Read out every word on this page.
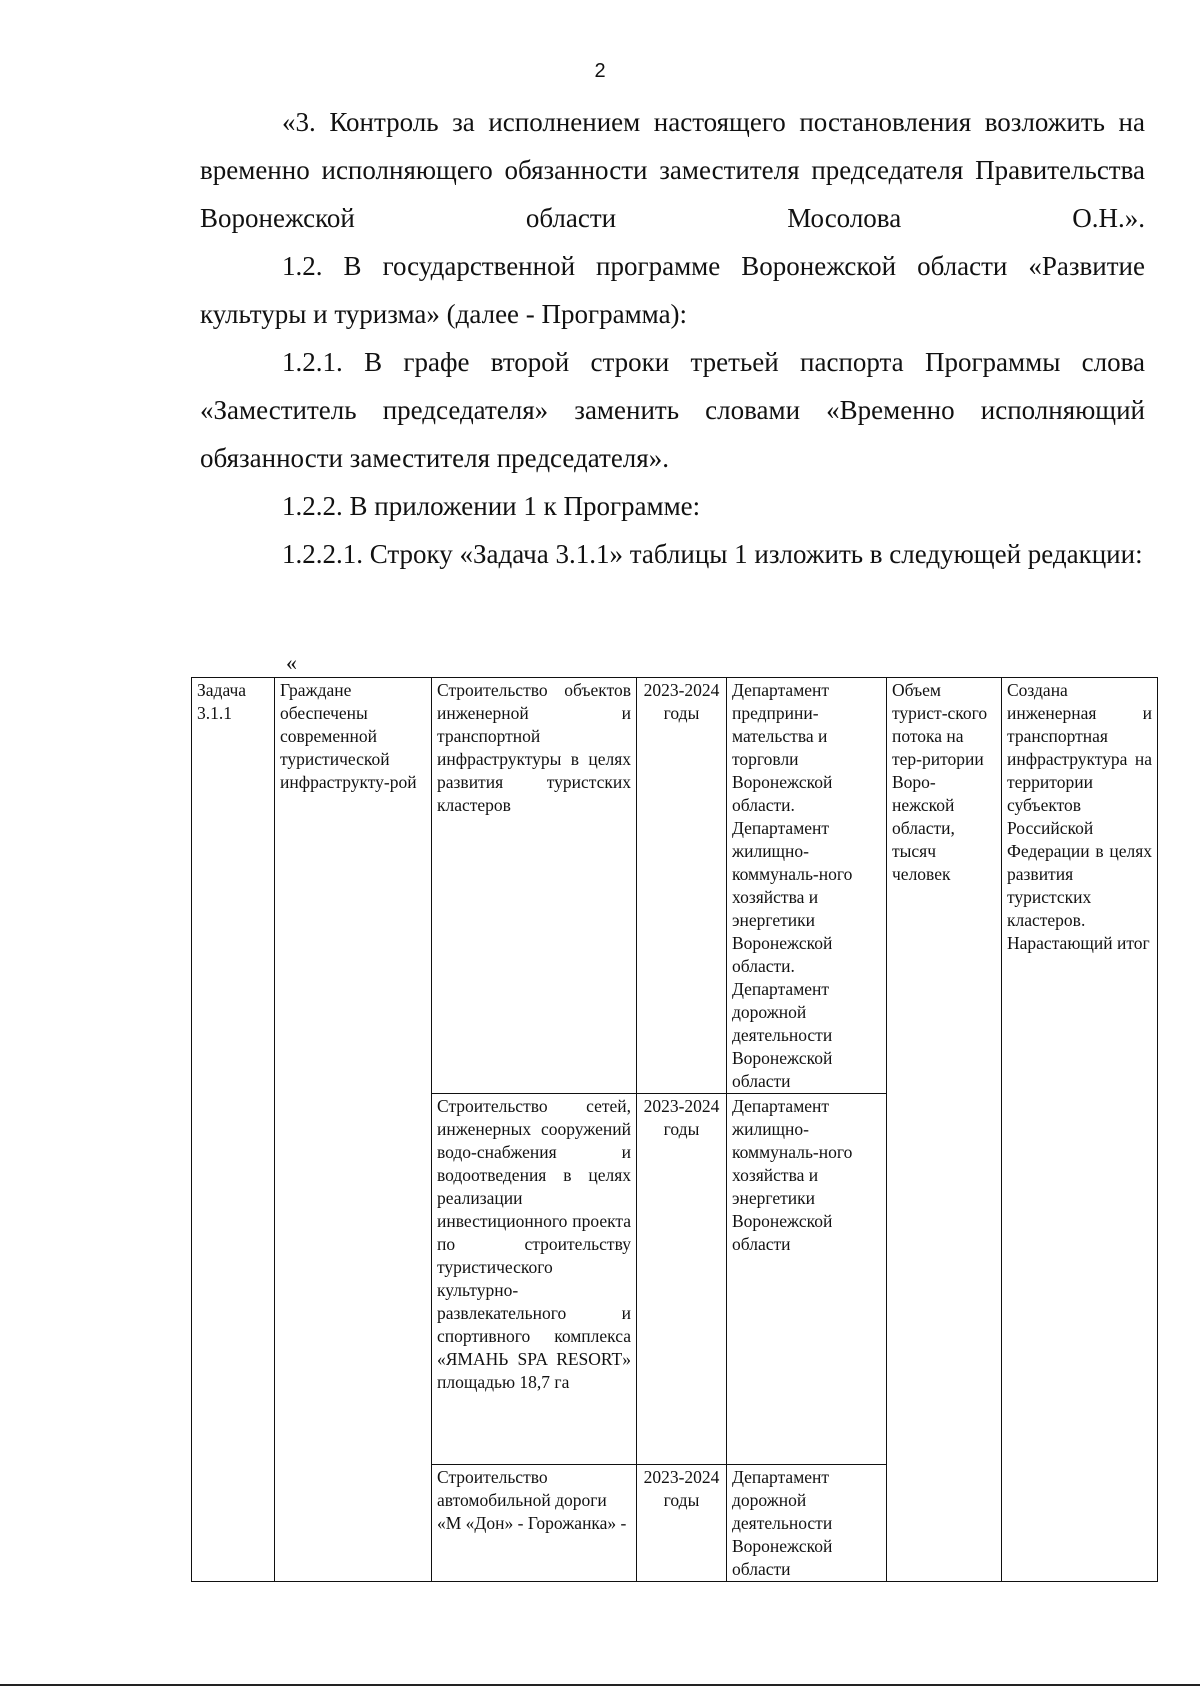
2

«3. Контроль за исполнением настоящего постановления возложить на временно исполняющего обязанности заместителя председателя Правительства Воронежской области Мосолова О.Н.».

1.2. В государственной программе Воронежской области «Развитие культуры и туризма» (далее - Программа):

1.2.1. В графе второй строки третьей паспорта Программы слова «Заместитель председателя» заменить словами «Временно исполняющий обязанности заместителя председателя».

1.2.2. В приложении 1 к Программе:

1.2.2.1. Строку «Задача 3.1.1» таблицы 1 изложить в следующей редакции:

«
Задача 3.1.1	Граждане обеспечены современной туристической инфраструкту-рой	Строительство объектов инженерной и транспортной инфраструктуры в целях развития туристских кластеров	2023-2024 годы	Департамент предприни-мательства и торговли Воронежской области. Департамент жилищно-коммуналь-ного хозяйства и энергетики Воронежской области. Департамент дорожной деятельности Воронежской области	Объем турист-ского потока на тер-ритории Воро-нежской области, тысяч человек	Создана инженерная и транспортная инфраструктура на территории субъектов Российской Федерации в целях развития туристских кластеров. Нарастающий итог
		Строительство сетей, инженерных сооружений водо-снабжения и водоотведения в целях реализации инвестиционного проекта по строительству туристического культурно-развлекательного и спортивного комплекса «ЯМАНЬ SPA RESORT» площадью 18,7 га	2023-2024 годы	Департамент жилищно-коммуналь-ного хозяйства и энергетики Воронежской области		
		Строительство автомобильной дороги «М «Дон» - Горожанка» -	2023-2024 годы	Департамент дорожной деятельности Воронежской области		
